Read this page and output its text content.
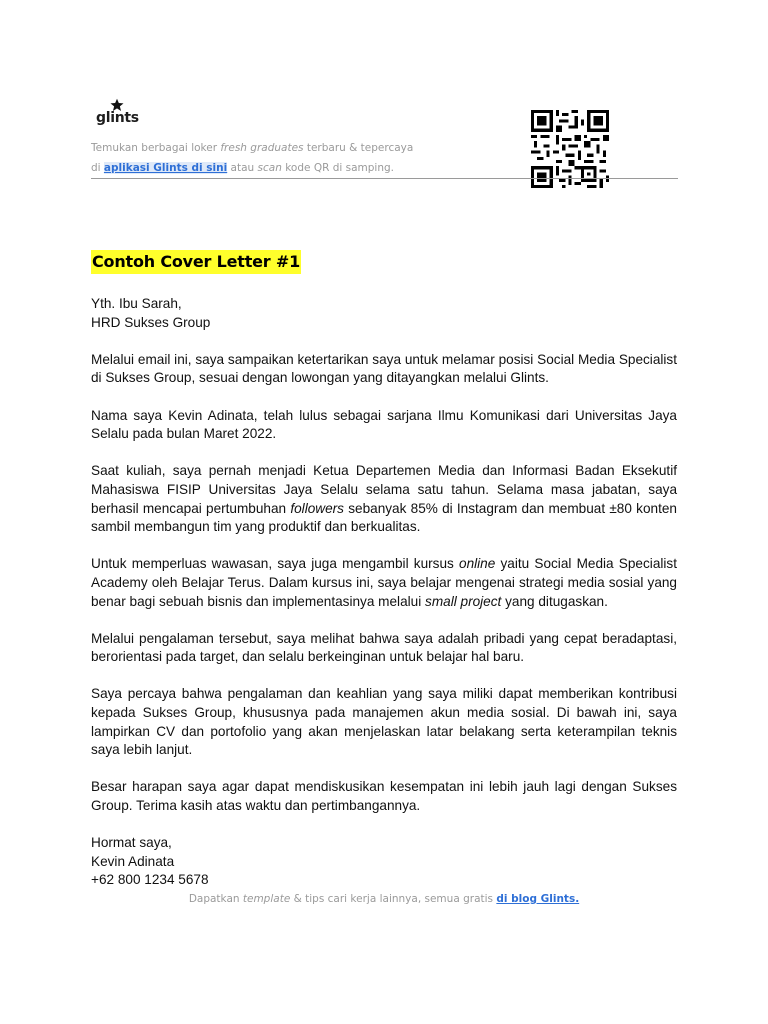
glints
Temukan berbagai loker fresh graduates terbaru & tepercaya
di aplikasi Glints di sini atau scan kode QR di samping.
Contoh Cover Letter #1

Yth. Ibu Sarah,
HRD Sukses Group

Melalui email ini, saya sampaikan ketertarikan saya untuk melamar posisi Social Media Specialist di Sukses Group, sesuai dengan lowongan yang ditayangkan melalui Glints.

Nama saya Kevin Adinata, telah lulus sebagai sarjana Ilmu Komunikasi dari Universitas Jaya Selalu pada bulan Maret 2022.

Saat kuliah, saya pernah menjadi Ketua Departemen Media dan Informasi Badan Eksekutif Mahasiswa FISIP Universitas Jaya Selalu selama satu tahun. Selama masa jabatan, saya berhasil mencapai pertumbuhan followers sebanyak 85% di Instagram dan membuat ±80 konten sambil membangun tim yang produktif dan berkualitas.

Untuk memperluas wawasan, saya juga mengambil kursus online yaitu Social Media Specialist Academy oleh Belajar Terus. Dalam kursus ini, saya belajar mengenai strategi media sosial yang benar bagi sebuah bisnis dan implementasinya melalui small project yang ditugaskan.

Melalui pengalaman tersebut, saya melihat bahwa saya adalah pribadi yang cepat beradaptasi, berorientasi pada target, dan selalu berkeinginan untuk belajar hal baru.

Saya percaya bahwa pengalaman dan keahlian yang saya miliki dapat memberikan kontribusi kepada Sukses Group, khususnya pada manajemen akun media sosial. Di bawah ini, saya lampirkan CV dan portofolio yang akan menjelaskan latar belakang serta keterampilan teknis saya lebih lanjut.

Besar harapan saya agar dapat mendiskusikan kesempatan ini lebih jauh lagi dengan Sukses Group. Terima kasih atas waktu dan pertimbangannya.

Hormat saya,
Kevin Adinata
+62 800 1234 5678
Dapatkan template & tips cari kerja lainnya, semua gratis di blog Glints.
